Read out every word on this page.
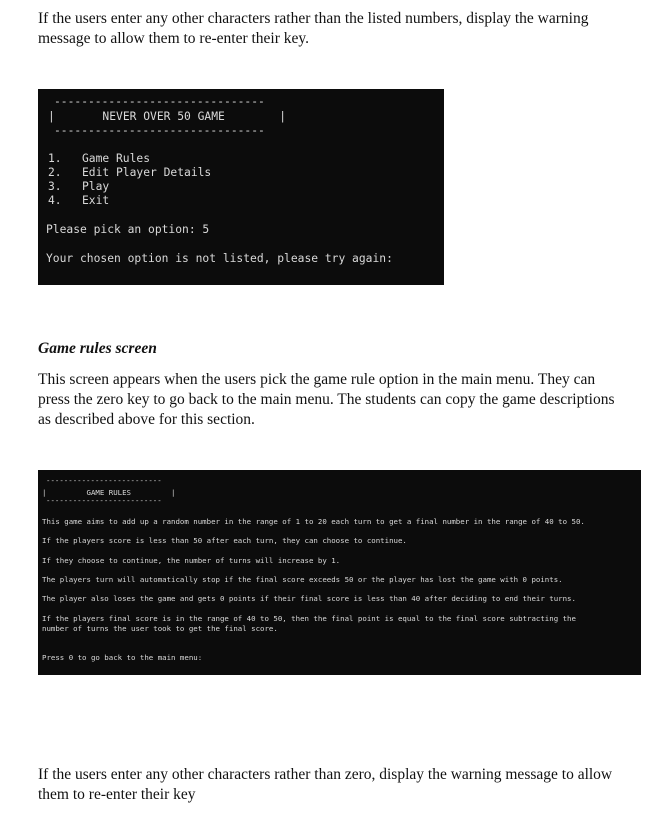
If the users enter any other characters rather than the listed numbers, display the warning
message to allow them to re-enter their key.

-------------------------------
|       NEVER OVER 50 GAME        |
-------------------------------
1. Game Rules
2. Edit Player Details
3. Play
4. Exit
Please pick an option: 5
Your chosen option is not listed, please try again:
Game rules screen

This screen appears when the users pick the game rule option in the main menu. They can
press the zero key to go back to the main menu. The students can copy the game descriptions
as described above for this section.

--------------------------
|         GAME RULES         |
--------------------------
This game aims to add up a random number in the range of 1 to 20 each turn to get a final number in the range of 40 to 50.
If the players score is less than 50 after each turn, they can choose to continue.
If they choose to continue, the number of turns will increase by 1.
The players turn will automatically stop if the final score exceeds 50 or the player has lost the game with 0 points.
The player also loses the game and gets 0 points if their final score is less than 40 after deciding to end their turns.
If the players final score is in the range of 40 to 50, then the final point is equal to the final score subtracting the
number of turns the user took to get the final score.
Press 0 to go back to the main menu:

If the users enter any other characters rather than zero, display the warning message to allow
them to re-enter their key
